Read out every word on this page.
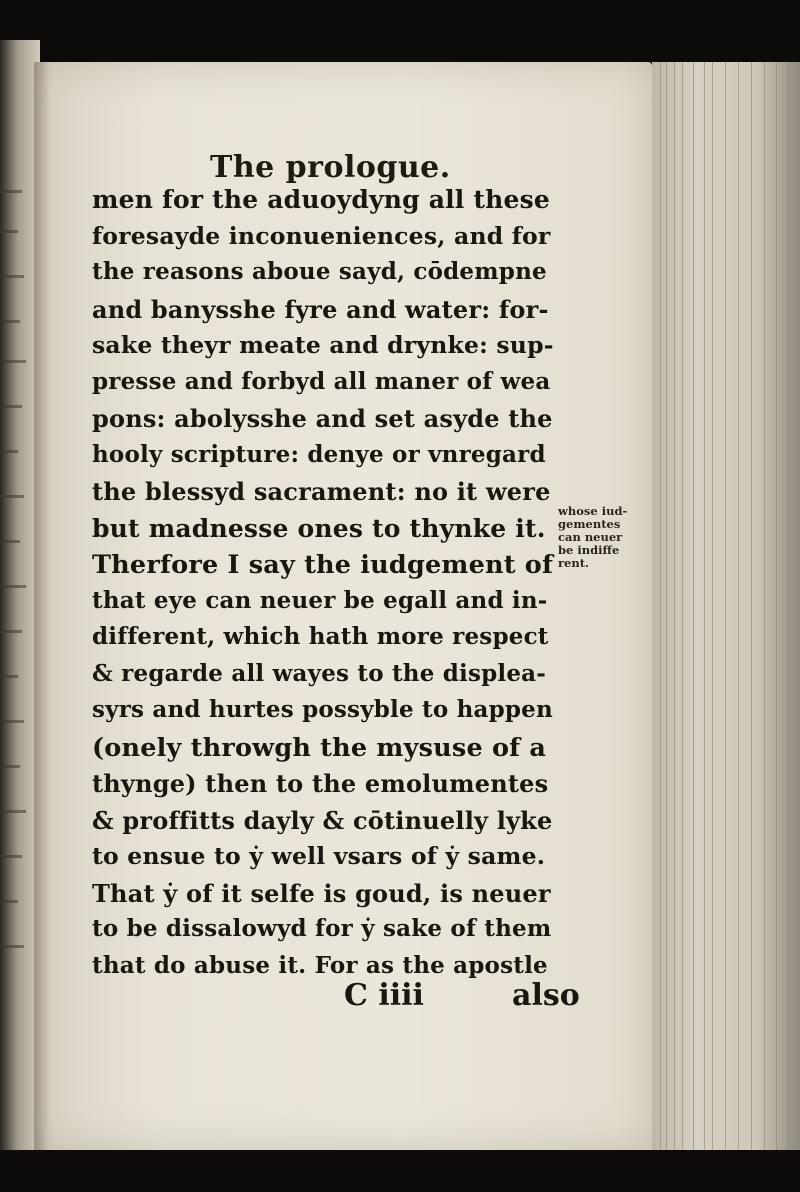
The prologue.
men for the aduoydyng all these
foresayde inconueniences, and for
the reasons aboue sayd, cōdempne
and banysshe fyre and water: for-
sake theyr meate and drynke: sup-
presse and forbyd all maner of wea
pons: abolysshe and set asyde the
hooly scripture: denye or vnregard
the blessyd sacrament: no it were
but madnesse ones to thynke it.
Therfore I say the iudgement of
that eye can neuer be egall and in-
different, which hath more respect
& regarde all wayes to the displea-
syrs and hurtes possyble to happen
(onely throwgh the mysuse of a
thynge) then to the emolumentes
& proffitts dayly & cōtinuelly lyke
to ensue to ẏ well vsars of ẏ same.
That ẏ of it selfe is goud, is neuer
to be dissalowyd for ẏ sake of them
that do abuse it. For as the apostle
whose iud-
gementes
can neuer
be indiffe
rent.
C iiii	also
